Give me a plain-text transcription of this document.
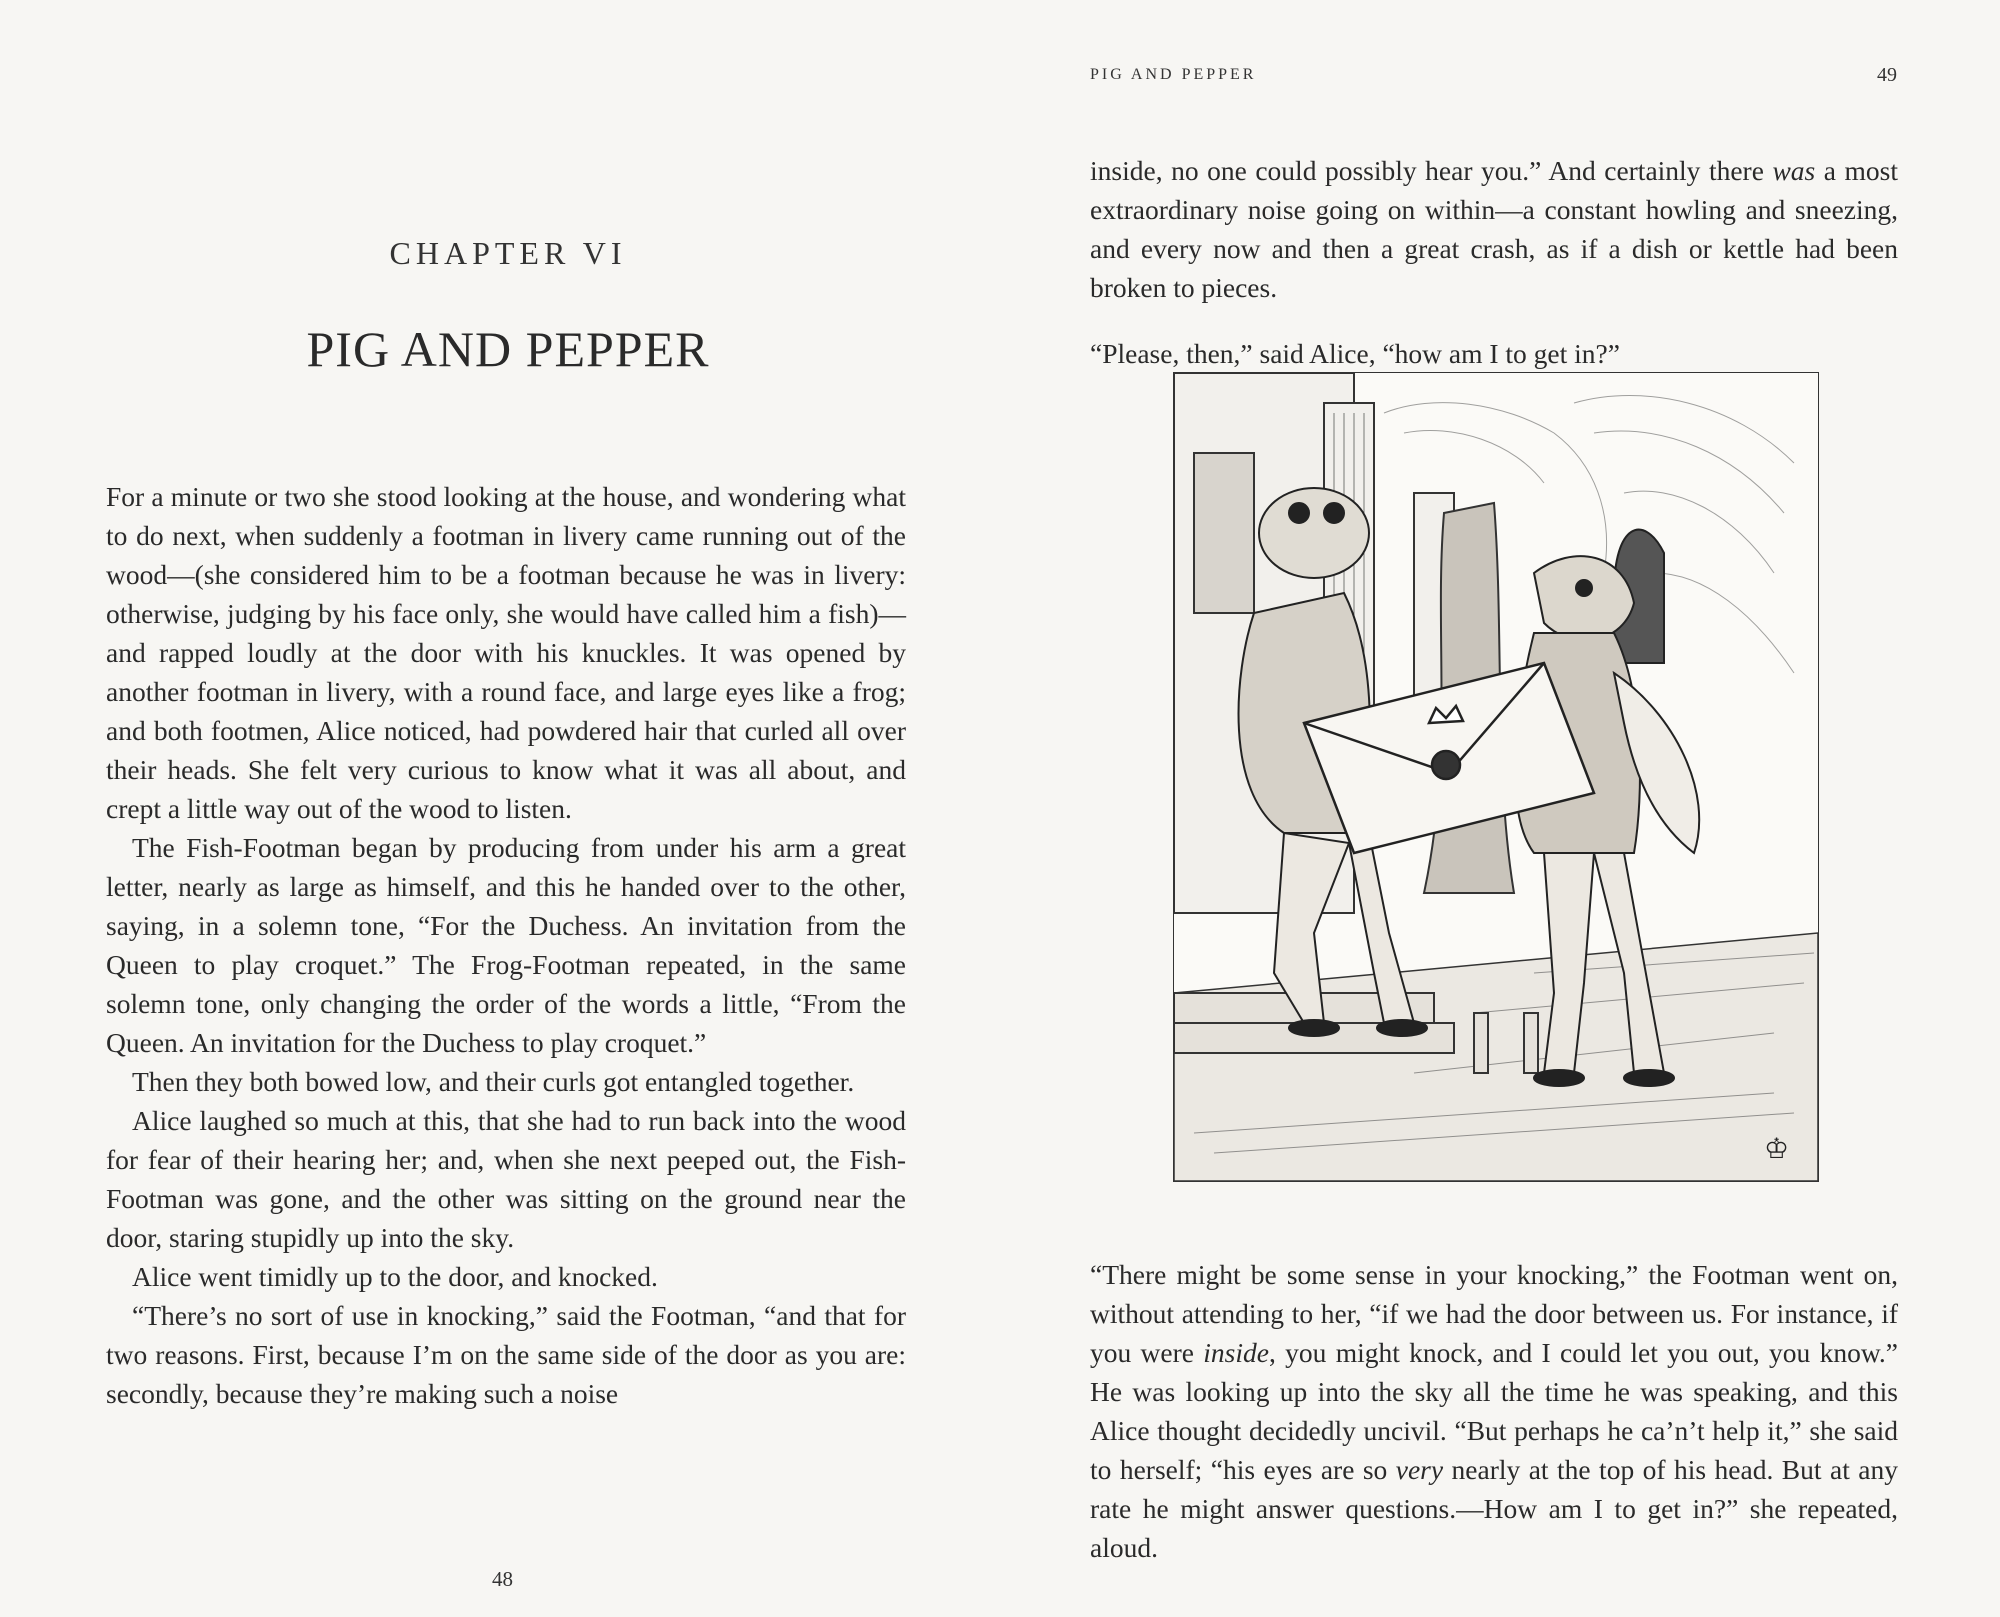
CHAPTER VI
PIG AND PEPPER

For a minute or two she stood looking at the house, and wondering what to do next, when suddenly a footman in livery came running out of the wood—(she considered him to be a footman because he was in livery: otherwise, judging by his face only, she would have called him a fish)—and rapped loudly at the door with his knuckles. It was opened by another footman in livery, with a round face, and large eyes like a frog; and both footmen, Alice noticed, had powdered hair that curled all over their heads. She felt very curious to know what it was all about, and crept a little way out of the wood to listen.

The Fish-Footman began by producing from under his arm a great letter, nearly as large as himself, and this he handed over to the other, saying, in a solemn tone, “For the Duchess. An invitation from the Queen to play croquet.” The Frog-Footman repeated, in the same solemn tone, only changing the order of the words a little, “From the Queen. An invitation for the Duchess to play croquet.”

Then they both bowed low, and their curls got entangled together.

Alice laughed so much at this, that she had to run back into the wood for fear of their hearing her; and, when she next peeped out, the Fish-Footman was gone, and the other was sitting on the ground near the door, staring stupidly up into the sky.

Alice went timidly up to the door, and knocked.

“There’s no sort of use in knocking,” said the Footman, “and that for two reasons. First, because I’m on the same side of the door as you are: secondly, because they’re making such a noise

48
PIG AND PEPPER	49

inside, no one could possibly hear you.” And certainly there was a most extraordinary noise going on within—a constant howling and sneezing, and every now and then a great crash, as if a dish or kettle had been broken to pieces.

“Please, then,” said Alice, “how am I to get in?”

♔

“There might be some sense in your knocking,” the Footman went on, without attending to her, “if we had the door between us. For instance, if you were inside, you might knock, and I could let you out, you know.” He was looking up into the sky all the time he was speaking, and this Alice thought decidedly uncivil. “But perhaps he ca’n’t help it,” she said to herself; “his eyes are so very nearly at the top of his head. But at any rate he might answer questions.—How am I to get in?” she repeated, aloud.
